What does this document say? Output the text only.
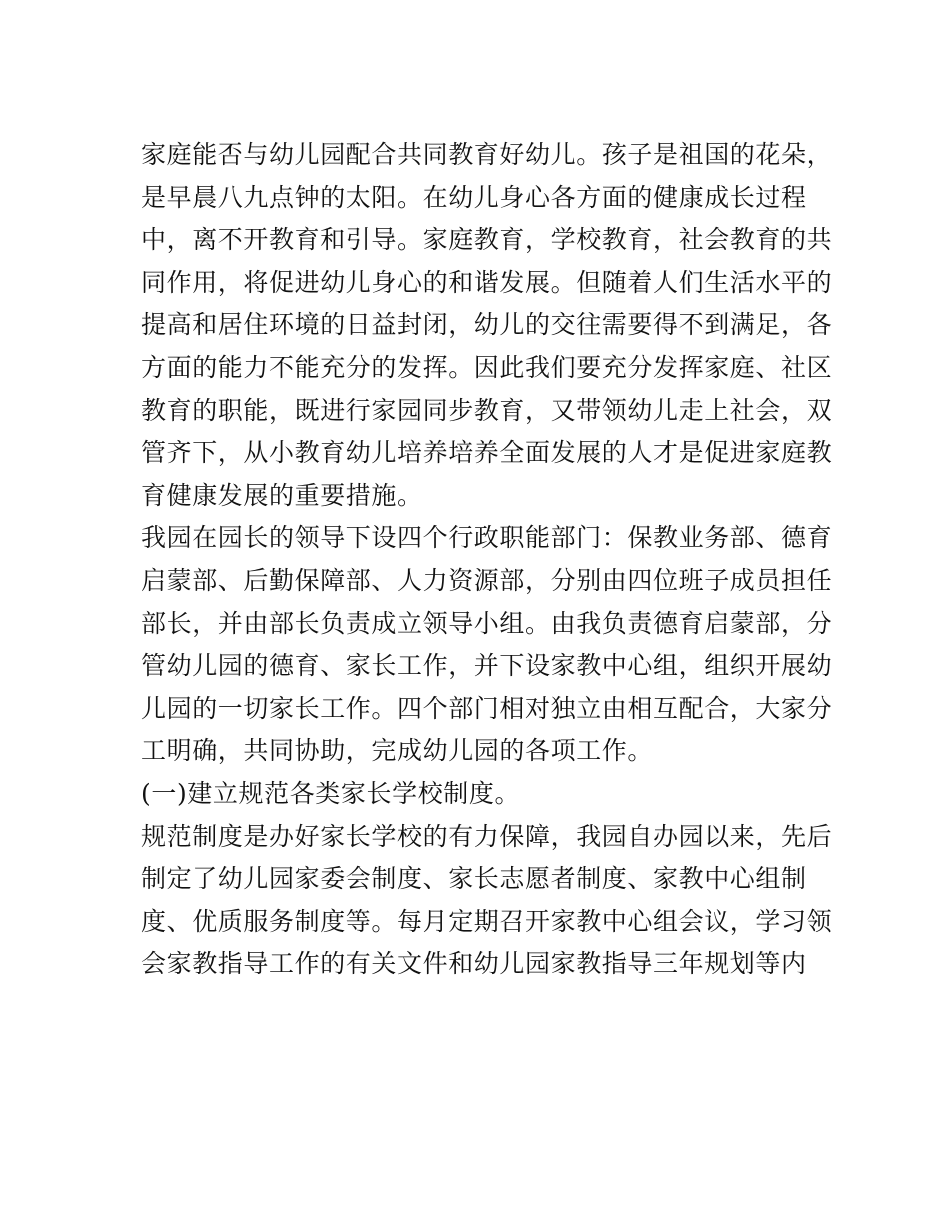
家庭能否与幼儿园配合共同教育好幼儿。孩子是祖国的花朵，
是早晨八九点钟的太阳。在幼儿身心各方面的健康成长过程
中，离不开教育和引导。家庭教育，学校教育，社会教育的共
同作用，将促进幼儿身心的和谐发展。但随着人们生活水平的
提高和居住环境的日益封闭，幼儿的交往需要得不到满足，各
方面的能力不能充分的发挥。因此我们要充分发挥家庭、社区
教育的职能，既进行家园同步教育，又带领幼儿走上社会，双
管齐下，从小教育幼儿培养培养全面发展的人才是促进家庭教
育健康发展的重要措施。
我园在园长的领导下设四个行政职能部门：保教业务部、德育
启蒙部、后勤保障部、人力资源部，分别由四位班子成员担任
部长，并由部长负责成立领导小组。由我负责德育启蒙部，分
管幼儿园的德育、家长工作，并下设家教中心组，组织开展幼
儿园的一切家长工作。四个部门相对独立由相互配合，大家分
工明确，共同协助，完成幼儿园的各项工作。
(一)建立规范各类家长学校制度。
规范制度是办好家长学校的有力保障，我园自办园以来，先后
制定了幼儿园家委会制度、家长志愿者制度、家教中心组制
度、优质服务制度等。每月定期召开家教中心组会议，学习领
会家教指导工作的有关文件和幼儿园家教指导三年规划等内
